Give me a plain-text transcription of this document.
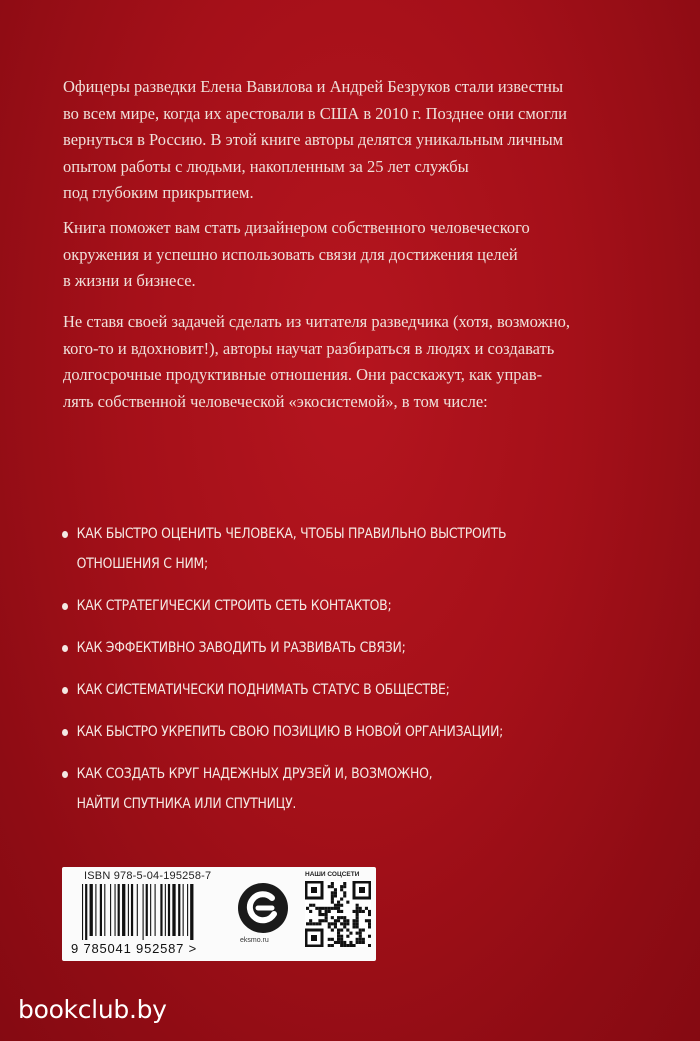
Офицеры разведки Елена Вавилова и Андрей Безруков стали известны
во всем мире, когда их арестовали в США в 2010 г. Позднее они смогли
вернуться в Россию. В этой книге авторы делятся уникальным личным
опытом работы с людьми, накопленным за 25 лет службы
под глубоким прикрытием.

Книга поможет вам стать дизайнером собственного человеческого
окружения и успешно использовать связи для достижения целей
в жизни и бизнесе.

Не ставя своей задачей сделать из читателя разведчика (хотя, возможно,
кого-то и вдохновит!), авторы научат разбираться в людях и создавать
долгосрочные продуктивные отношения. Они расскажут, как управ-
лять собственной человеческой «экосистемой», в том числе:

КАК БЫСТРО ОЦЕНИТЬ ЧЕЛОВЕКА, ЧТОБЫ ПРАВИЛЬНО ВЫСТРОИТЬ
ОТНОШЕНИЯ С НИМ;
КАК СТРАТЕГИЧЕСКИ СТРОИТЬ СЕТЬ КОНТАКТОВ;
КАК ЭФФЕКТИВНО ЗАВОДИТЬ И РАЗВИВАТЬ СВЯЗИ;
КАК СИСТЕМАТИЧЕСКИ ПОДНИМАТЬ СТАТУС В ОБЩЕСТВЕ;
КАК БЫСТРО УКРЕПИТЬ СВОЮ ПОЗИЦИЮ В НОВОЙ ОРГАНИЗАЦИИ;
КАК СОЗДАТЬ КРУГ НАДЕЖНЫХ ДРУЗЕЙ И, ВОЗМОЖНО,
НАЙТИ СПУТНИКА ИЛИ СПУТНИЦУ.
ISBN 978-5-04-195258-7
9 785041 952587 >
eksmo.ru
НАШИ СОЦСЕТИ
bookclub.by
